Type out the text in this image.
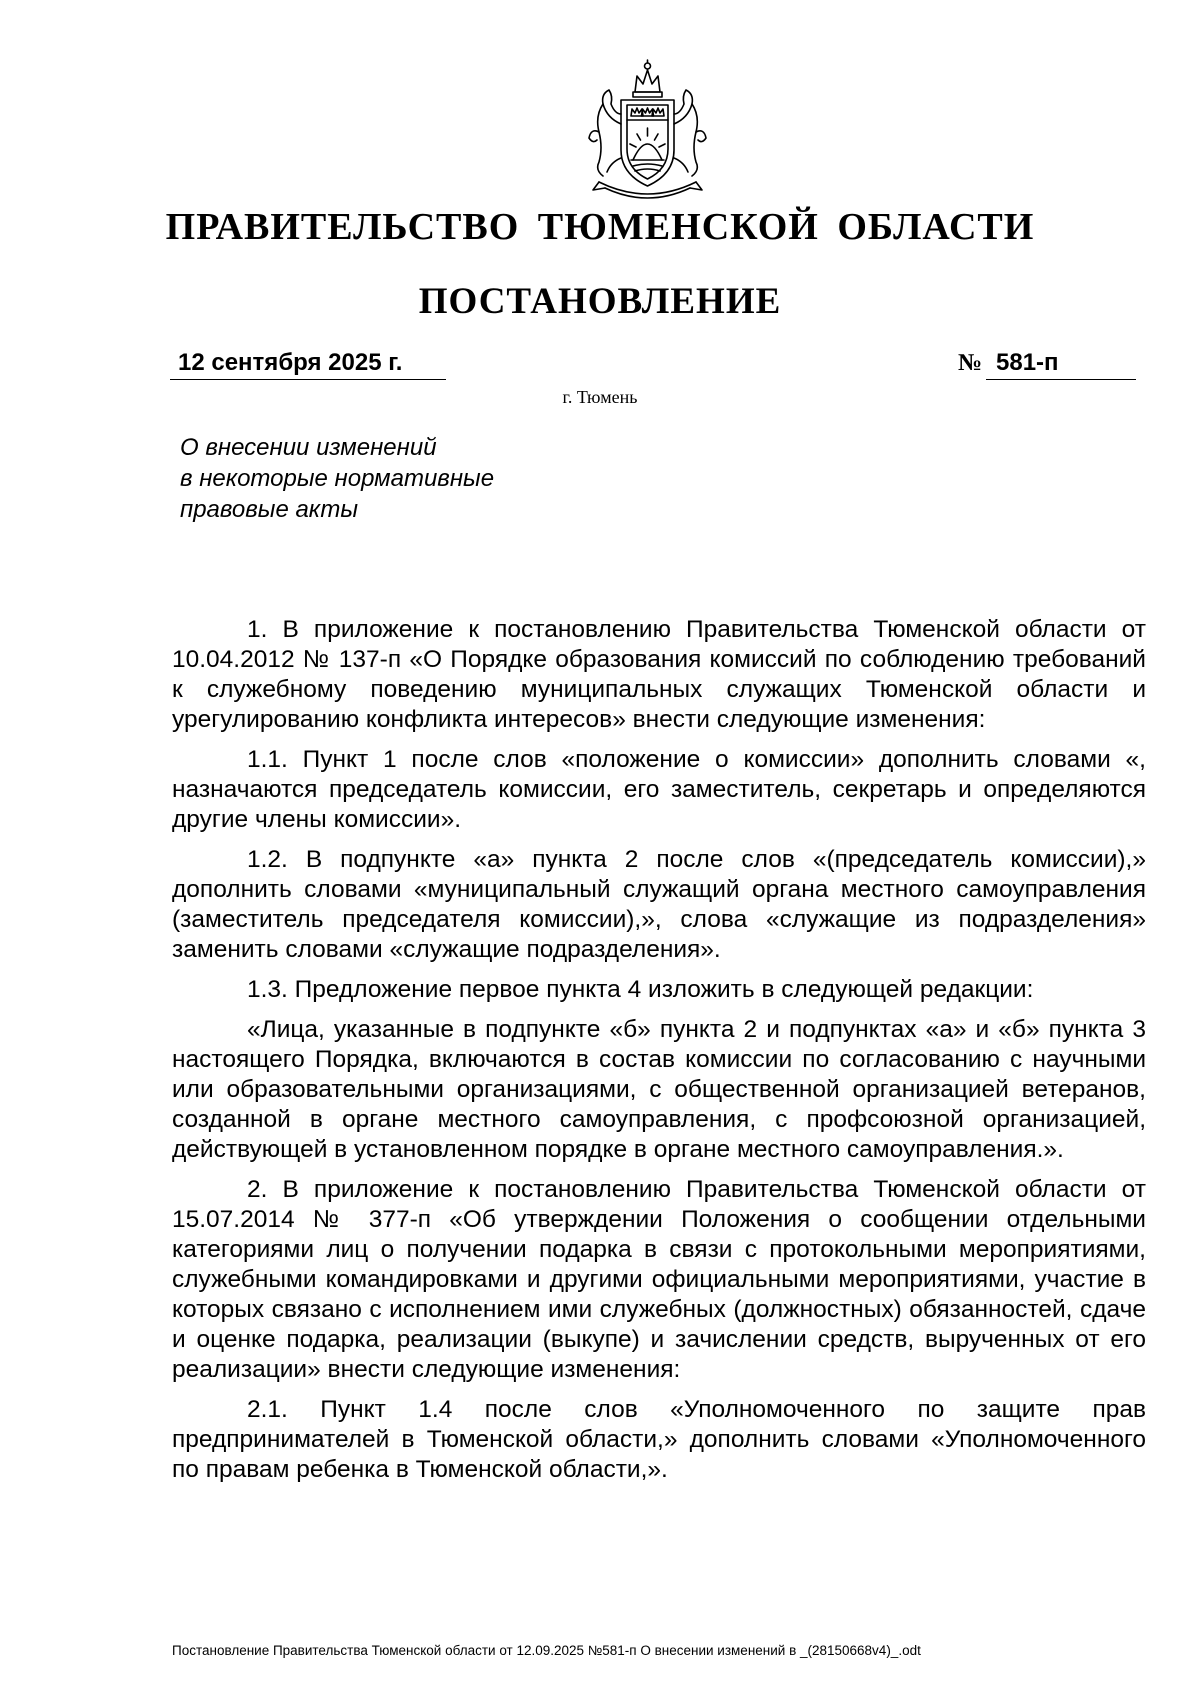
ПРАВИТЕЛЬСТВО ТЮМЕНСКОЙ ОБЛАСТИ
ПОСТАНОВЛЕНИЕ
12 сентября 2025 г.	№ 581-п
г. Тюмень
О внесении изменений
в некоторые нормативные
правовые акты

1. В приложение к постановлению Правительства Тюменской области от 10.04.2012 № 137-п «О Порядке образования комиссий по соблюдению требований к служебному поведению муниципальных служащих Тюменской области и урегулированию конфликта интересов» внести следующие изменения:

1.1. Пункт 1 после слов «положение о комиссии» дополнить словами «, назначаются председатель комиссии, его заместитель, секретарь и определяются другие члены комиссии».

1.2. В подпункте «а» пункта 2 после слов «(председатель комиссии),» дополнить словами «муниципальный служащий органа местного самоуправления (заместитель председателя комиссии),», слова «служащие из подразделения» заменить словами «служащие подразделения».

1.3. Предложение первое пункта 4 изложить в следующей редакции:

«Лица, указанные в подпункте «б» пункта 2 и подпунктах «а» и «б» пункта 3 настоящего Порядка, включаются в состав комиссии по согласованию с научными или образовательными организациями, с общественной организацией ветеранов, созданной в органе местного самоуправления, с профсоюзной организацией, действующей в установленном порядке в органе местного самоуправления.».

2. В приложение к постановлению Правительства Тюменской области от 15.07.2014 № 377-п «Об утверждении Положения о сообщении отдельными категориями лиц о получении подарка в связи с протокольными мероприятиями, служебными командировками и другими официальными мероприятиями, участие в которых связано с исполнением ими служебных (должностных) обязанностей, сдаче и оценке подарка, реализации (выкупе) и зачислении средств, вырученных от его реализации» внести следующие изменения:

2.1. Пункт 1.4 после слов «Уполномоченного по защите прав предпринимателей в Тюменской области,» дополнить словами «Уполномоченного по правам ребенка в Тюменской области,».

Постановление Правительства Тюменской области от 12.09.2025 №581-п О внесении изменений в _(28150668v4)_.odt
